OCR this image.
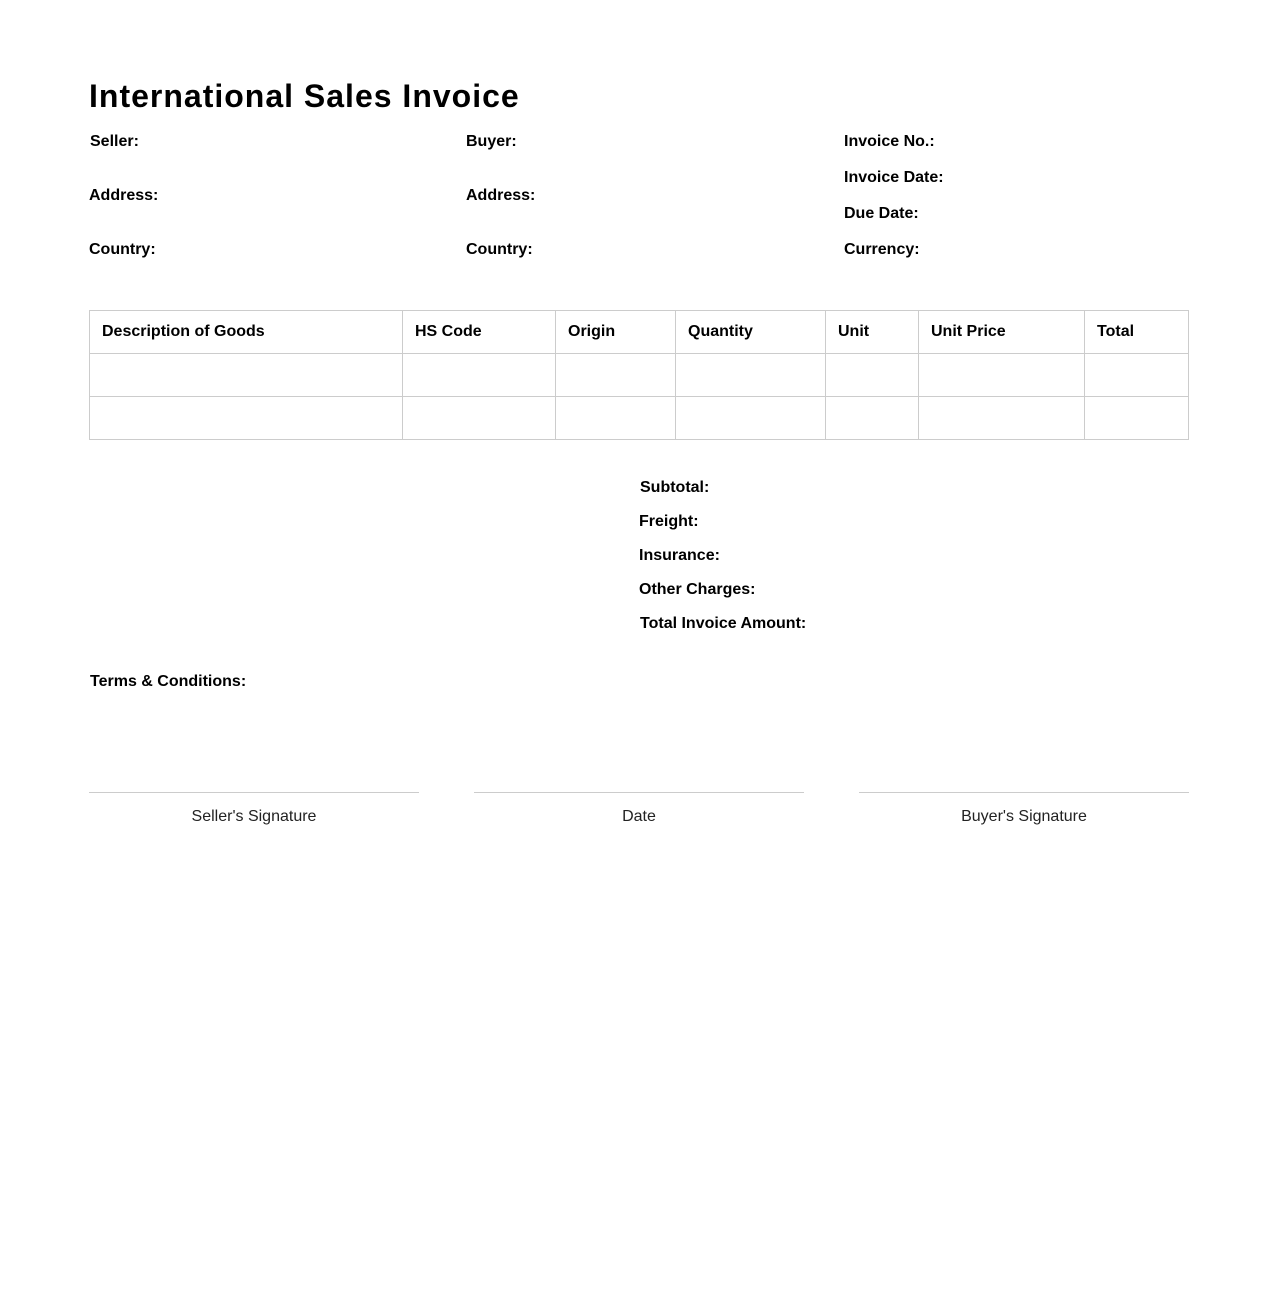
International Sales Invoice
Seller:
Address:
Country:
Buyer:
Address:
Country:
Invoice No.:
Invoice Date:
Due Date:
Currency:
Description of Goods	HS Code	Origin	Quantity	Unit	Unit Price	Total

Subtotal:
Freight:
Insurance:
Other Charges:
Total Invoice Amount:
Terms & Conditions:
Seller's Signature	Date	Buyer's Signature
